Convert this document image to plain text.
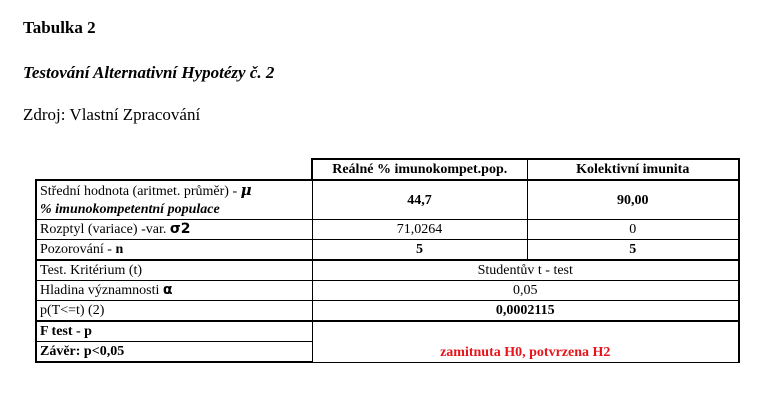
Tabulka 2
Testování Alternativní Hypotézy č. 2
Zdroj: Vlastní Zpracování
	Reálné % imunokompet.pop.	Kolektivní imunita
Střední hodnota (aritmet. průměr) - μ
% imunokompetentní populace	44,7	90,00
Rozptyl (variace) -var. σ2	71,0264	0
Pozorování - n	5	5
Test. Kritérium (t)	Studentův t - test	
Hladina významnosti α	0,05	
p(T<=t) (2)	0,0002115	
F test - p	zamitnuta H0, potvrzena H2	
Závěr: p<0,05		
